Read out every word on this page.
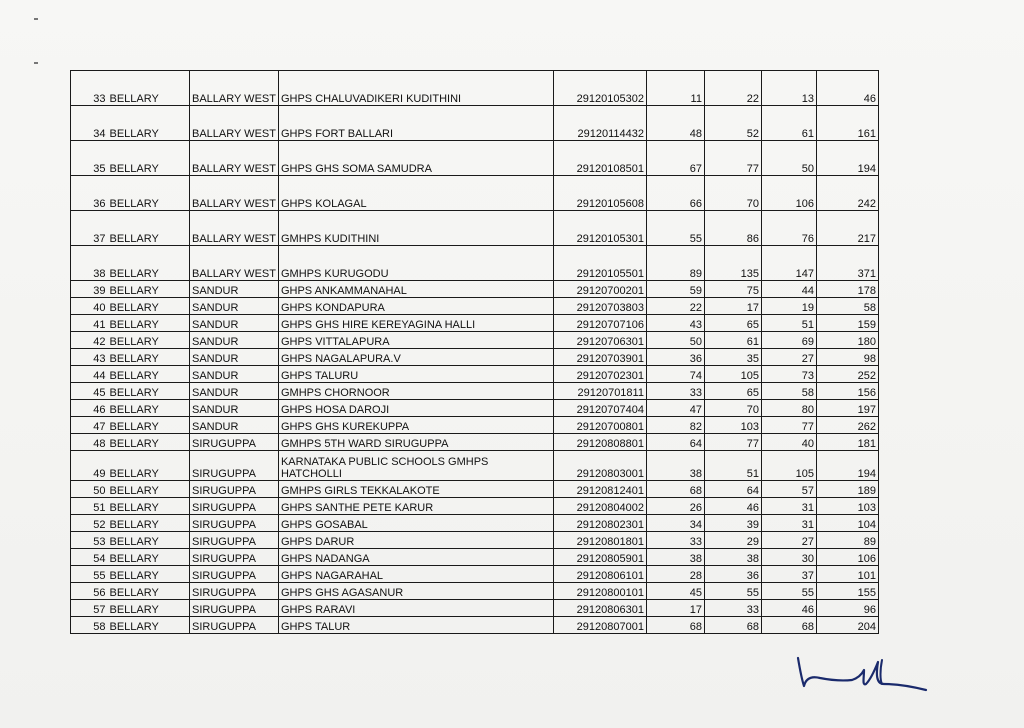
33	BELLARY	BALLARY WEST	GHPS CHALUVADIKERI KUDITHINI	29120105302	11	22	13	46
34	BELLARY	BALLARY WEST	GHPS FORT BALLARI	29120114432	48	52	61	161
35	BELLARY	BALLARY WEST	GHPS GHS SOMA SAMUDRA	29120108501	67	77	50	194
36	BELLARY	BALLARY WEST	GHPS KOLAGAL	29120105608	66	70	106	242
37	BELLARY	BALLARY WEST	GMHPS KUDITHINI	29120105301	55	86	76	217
38	BELLARY	BALLARY WEST	GMHPS KURUGODU	29120105501	89	135	147	371
39	BELLARY	SANDUR	GHPS ANKAMMANAHAL	29120700201	59	75	44	178
40	BELLARY	SANDUR	GHPS KONDAPURA	29120703803	22	17	19	58
41	BELLARY	SANDUR	GHPS GHS HIRE KEREYAGINA HALLI	29120707106	43	65	51	159
42	BELLARY	SANDUR	GHPS VITTALAPURA	29120706301	50	61	69	180
43	BELLARY	SANDUR	GHPS NAGALAPURA.V	29120703901	36	35	27	98
44	BELLARY	SANDUR	GHPS TALURU	29120702301	74	105	73	252
45	BELLARY	SANDUR	GMHPS CHORNOOR	29120701811	33	65	58	156
46	BELLARY	SANDUR	GHPS HOSA DAROJI	29120707404	47	70	80	197
47	BELLARY	SANDUR	GHPS GHS KUREKUPPA	29120700801	82	103	77	262
48	BELLARY	SIRUGUPPA	GMHPS 5TH WARD SIRUGUPPA	29120808801	64	77	40	181
49	BELLARY	SIRUGUPPA	KARNATAKA PUBLIC SCHOOLS GMHPS HATCHOLLI	29120803001	38	51	105	194
50	BELLARY	SIRUGUPPA	GMHPS GIRLS TEKKALAKOTE	29120812401	68	64	57	189
51	BELLARY	SIRUGUPPA	GHPS SANTHE PETE KARUR	29120804002	26	46	31	103
52	BELLARY	SIRUGUPPA	GHPS GOSABAL	29120802301	34	39	31	104
53	BELLARY	SIRUGUPPA	GHPS DARUR	29120801801	33	29	27	89
54	BELLARY	SIRUGUPPA	GHPS NADANGA	29120805901	38	38	30	106
55	BELLARY	SIRUGUPPA	GHPS NAGARAHAL	29120806101	28	36	37	101
56	BELLARY	SIRUGUPPA	GHPS GHS AGASANUR	29120800101	45	55	55	155
57	BELLARY	SIRUGUPPA	GHPS RARAVI	29120806301	17	33	46	96
58	BELLARY	SIRUGUPPA	GHPS TALUR	29120807001	68	68	68	204
